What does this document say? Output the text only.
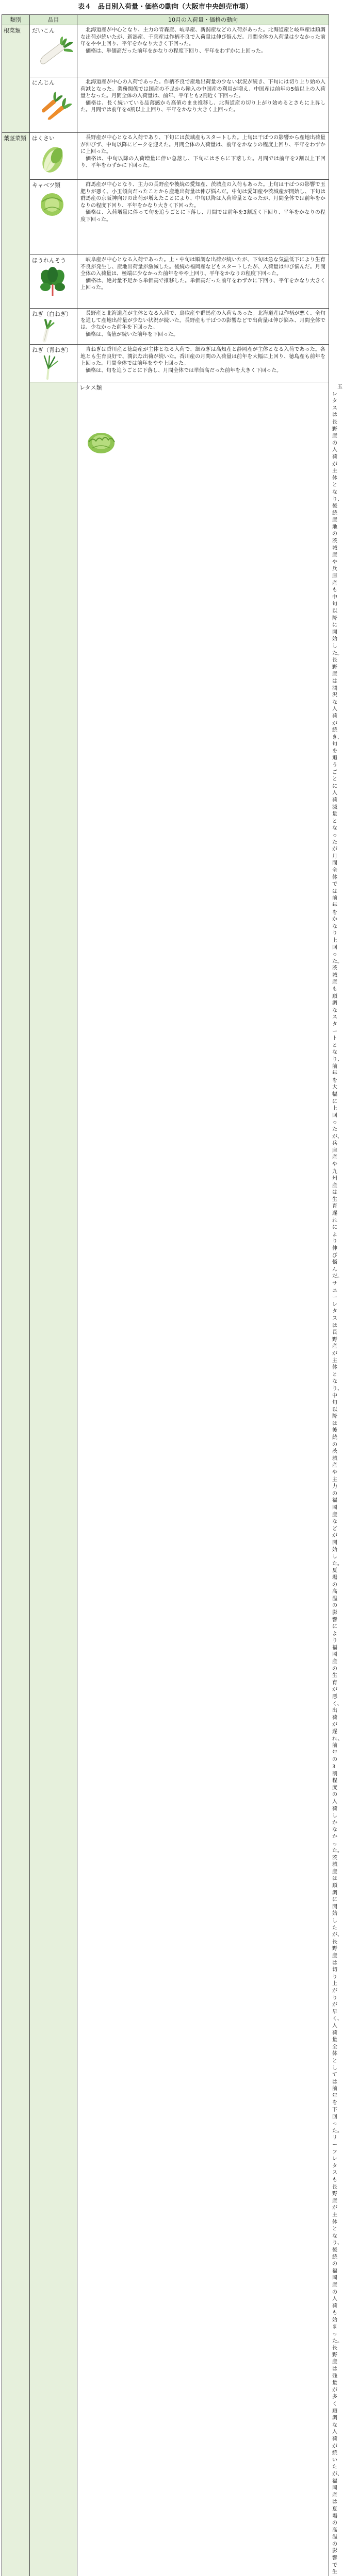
表４　品目別入荷量・価格の動向（大阪市中央卸売市場）
類別	品目	10月の入荷量・価格の動向	
根菜類	だいこん	北海道産が中心となり、主力の青森産、岐阜産、新潟産などの入荷があった。北海道産と岐阜産は順調な出荷が続いたが、新潟産、千葉産は作柄不良で入荷量は伸び悩んだ。月間全体の入荷量は少なかった前年をやや上回り、平年をかなり大きく下回った。

価格は、単価高だった前年をかなりの程度下回り、平年をわずかに上回った。	

	にんじん	北海道産が中心の入荷であった。作柄不良で産地出荷量の少ない状況が続き、下旬には切り上り始め入荷減となった。業務関係では国産の不足から輸入の中国産の利用が増え、中国産は前年の5倍以上の入荷量となった。月間全体の入荷量は、前年、平年とも2割近く下回った。

価格は、長く続いている品薄感から高値のまま推移し、北海道産の切り上がり始めるとさらに上昇した。月間では前年を4割以上上回り、平年をかなり大きく上回った。	

葉茎菜類	はくさい	長野産が中心となる入荷であり、下旬には茨城産もスタートした。上旬は干ばつの影響から産地出荷量が伸びず、中旬以降にピークを迎えた。月間全体の入荷量は、前年をかなりの程度上回り、平年をわずかに上回った。

価格は、中旬以降の入荷増量に伴い急落し、下旬にはさらに下落した。月間では前年を2割以上下回り、平年をわずかに下回った。	

	キャベツ類	群馬産が中心となり、主力の長野産や後続の愛知産、茨城産の入荷もあった。上旬は干ばつの影響で玉肥りが悪く、小玉傾向だったことから産地出荷量は伸び悩んだ。中旬は愛知産や茨城産が開始し、下旬は群馬産の京阪神向けの出荷が増えたことにより、中旬以降は入荷増量となったが、月間全体では前年をかなりの程度下回り、平年をかなり大きく下回った。

価格は、入荷増量に伴って旬を追うごとに下落し、月間では前年を3割近く下回り、平年をかなりの程度下回った。	

	ほうれんそう	岐阜産が中心となる入荷であった。上・中旬は順調な出荷が続いたが、下旬は急な気温低下により生育不良が発生し、産地出荷量が激減した。後続の福岡産などもスタートしたが、入荷量は伸び悩んだ。月間全体の入荷量は、極端に少なかった前年をやや上回り、平年をかなりの程度下回った。

価格は、絶対量不足から単価高で推移した。単価高だった前年をわずかに下回り、平年をかなり大きく上回った。	

	ねぎ（白ねぎ）	長野産と北海道産が主体となる入荷で、鳥取産や群馬産の入荷もあった。北海道産は作柄が悪く、全旬を通して産地出荷量が少ない状況が続いた。長野産も干ばつの影響などで出荷量は伸び悩み、月間全体では、少なかった前年を下回った。

価格は、高値が続いた前年を下回った。	

	ねぎ（青ねぎ）	青ねぎは香川産と徳島産が主体となる入荷で、細ねぎは高知産と静岡産が主体となる入荷であった。各地とも生育良好で、潤沢な出荷が続いた。香川産の月間の入荷量は前年を大幅に上回り、徳島産も前年を上回った。月間全体では前年をやや上回った。

価格は、旬を追うごとに下落し、月間全体では単価高だった前年を大きく下回った。	

		レタス類	玉レタスは長野産の入荷が主体となり、後続産地の茨城産や兵庫産も中旬以降に開始した。長野産は潤沢な入荷が続き、旬を追うごとに入荷減量となったが月間全体では前年をかなり上回った。茨城産も順調なスタートとなり、前年を大幅に上回ったが、兵庫産や九州産は生育遅れにより伸び悩んだ。サニーレタスは長野産が主体となり、中旬以降は後続の茨城産や主力の福岡産などが開始した。夏場の高温の影響により福岡産の生育が悪く、出荷が遅れ、前年の3割程度の入荷しかなかった。茨城産は順調に開始したが、長野産は切り上がりが早く、入荷量全体としては前年を下回った。リーフレタスも長野産が主体となり、後続の福岡産の入荷も始まった。長野産は残量が多く順調な入荷が続いたが、福岡産は夏場の高温の影響で生
